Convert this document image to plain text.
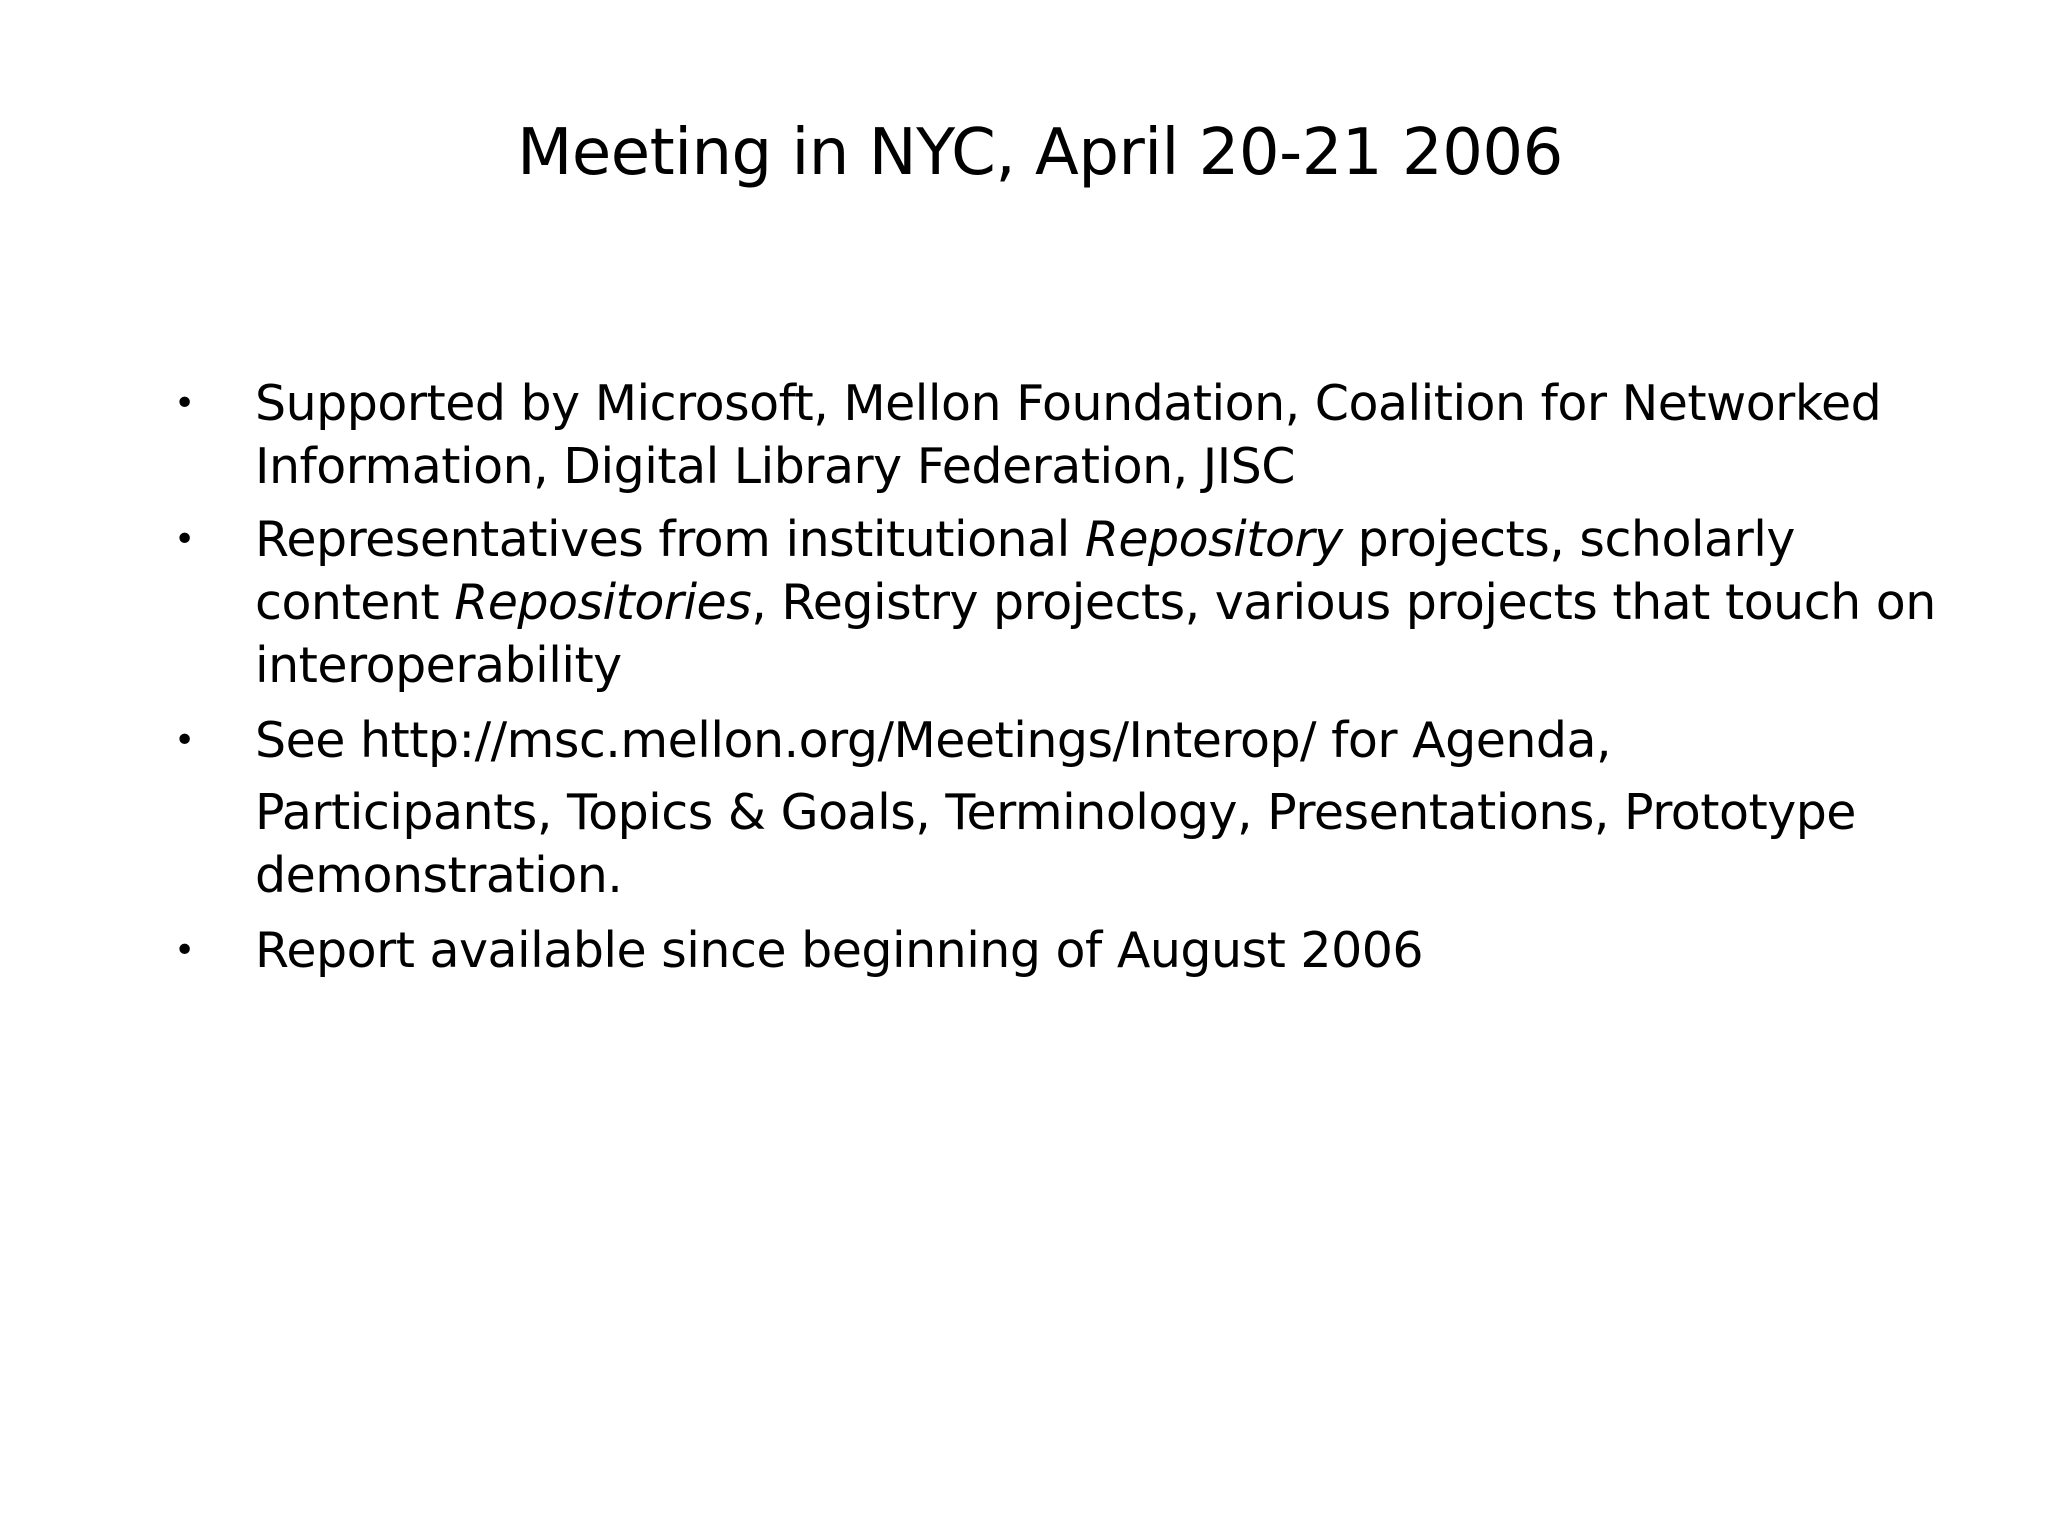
Meeting in NYC, April 20-21 2006
• Supported by Microsoft, Mellon Foundation, Coalition for Networked Information, Digital Library Federation, JISC
• Representatives from institutional Repository projects, scholarly content Repositories, Registry projects, various projects that touch on interoperability
• See http://msc.mellon.org/Meetings/Interop/ for Agenda,
Participants, Topics & Goals, Terminology, Presentations, Prototype demonstration.
• Report available since beginning of August 2006
